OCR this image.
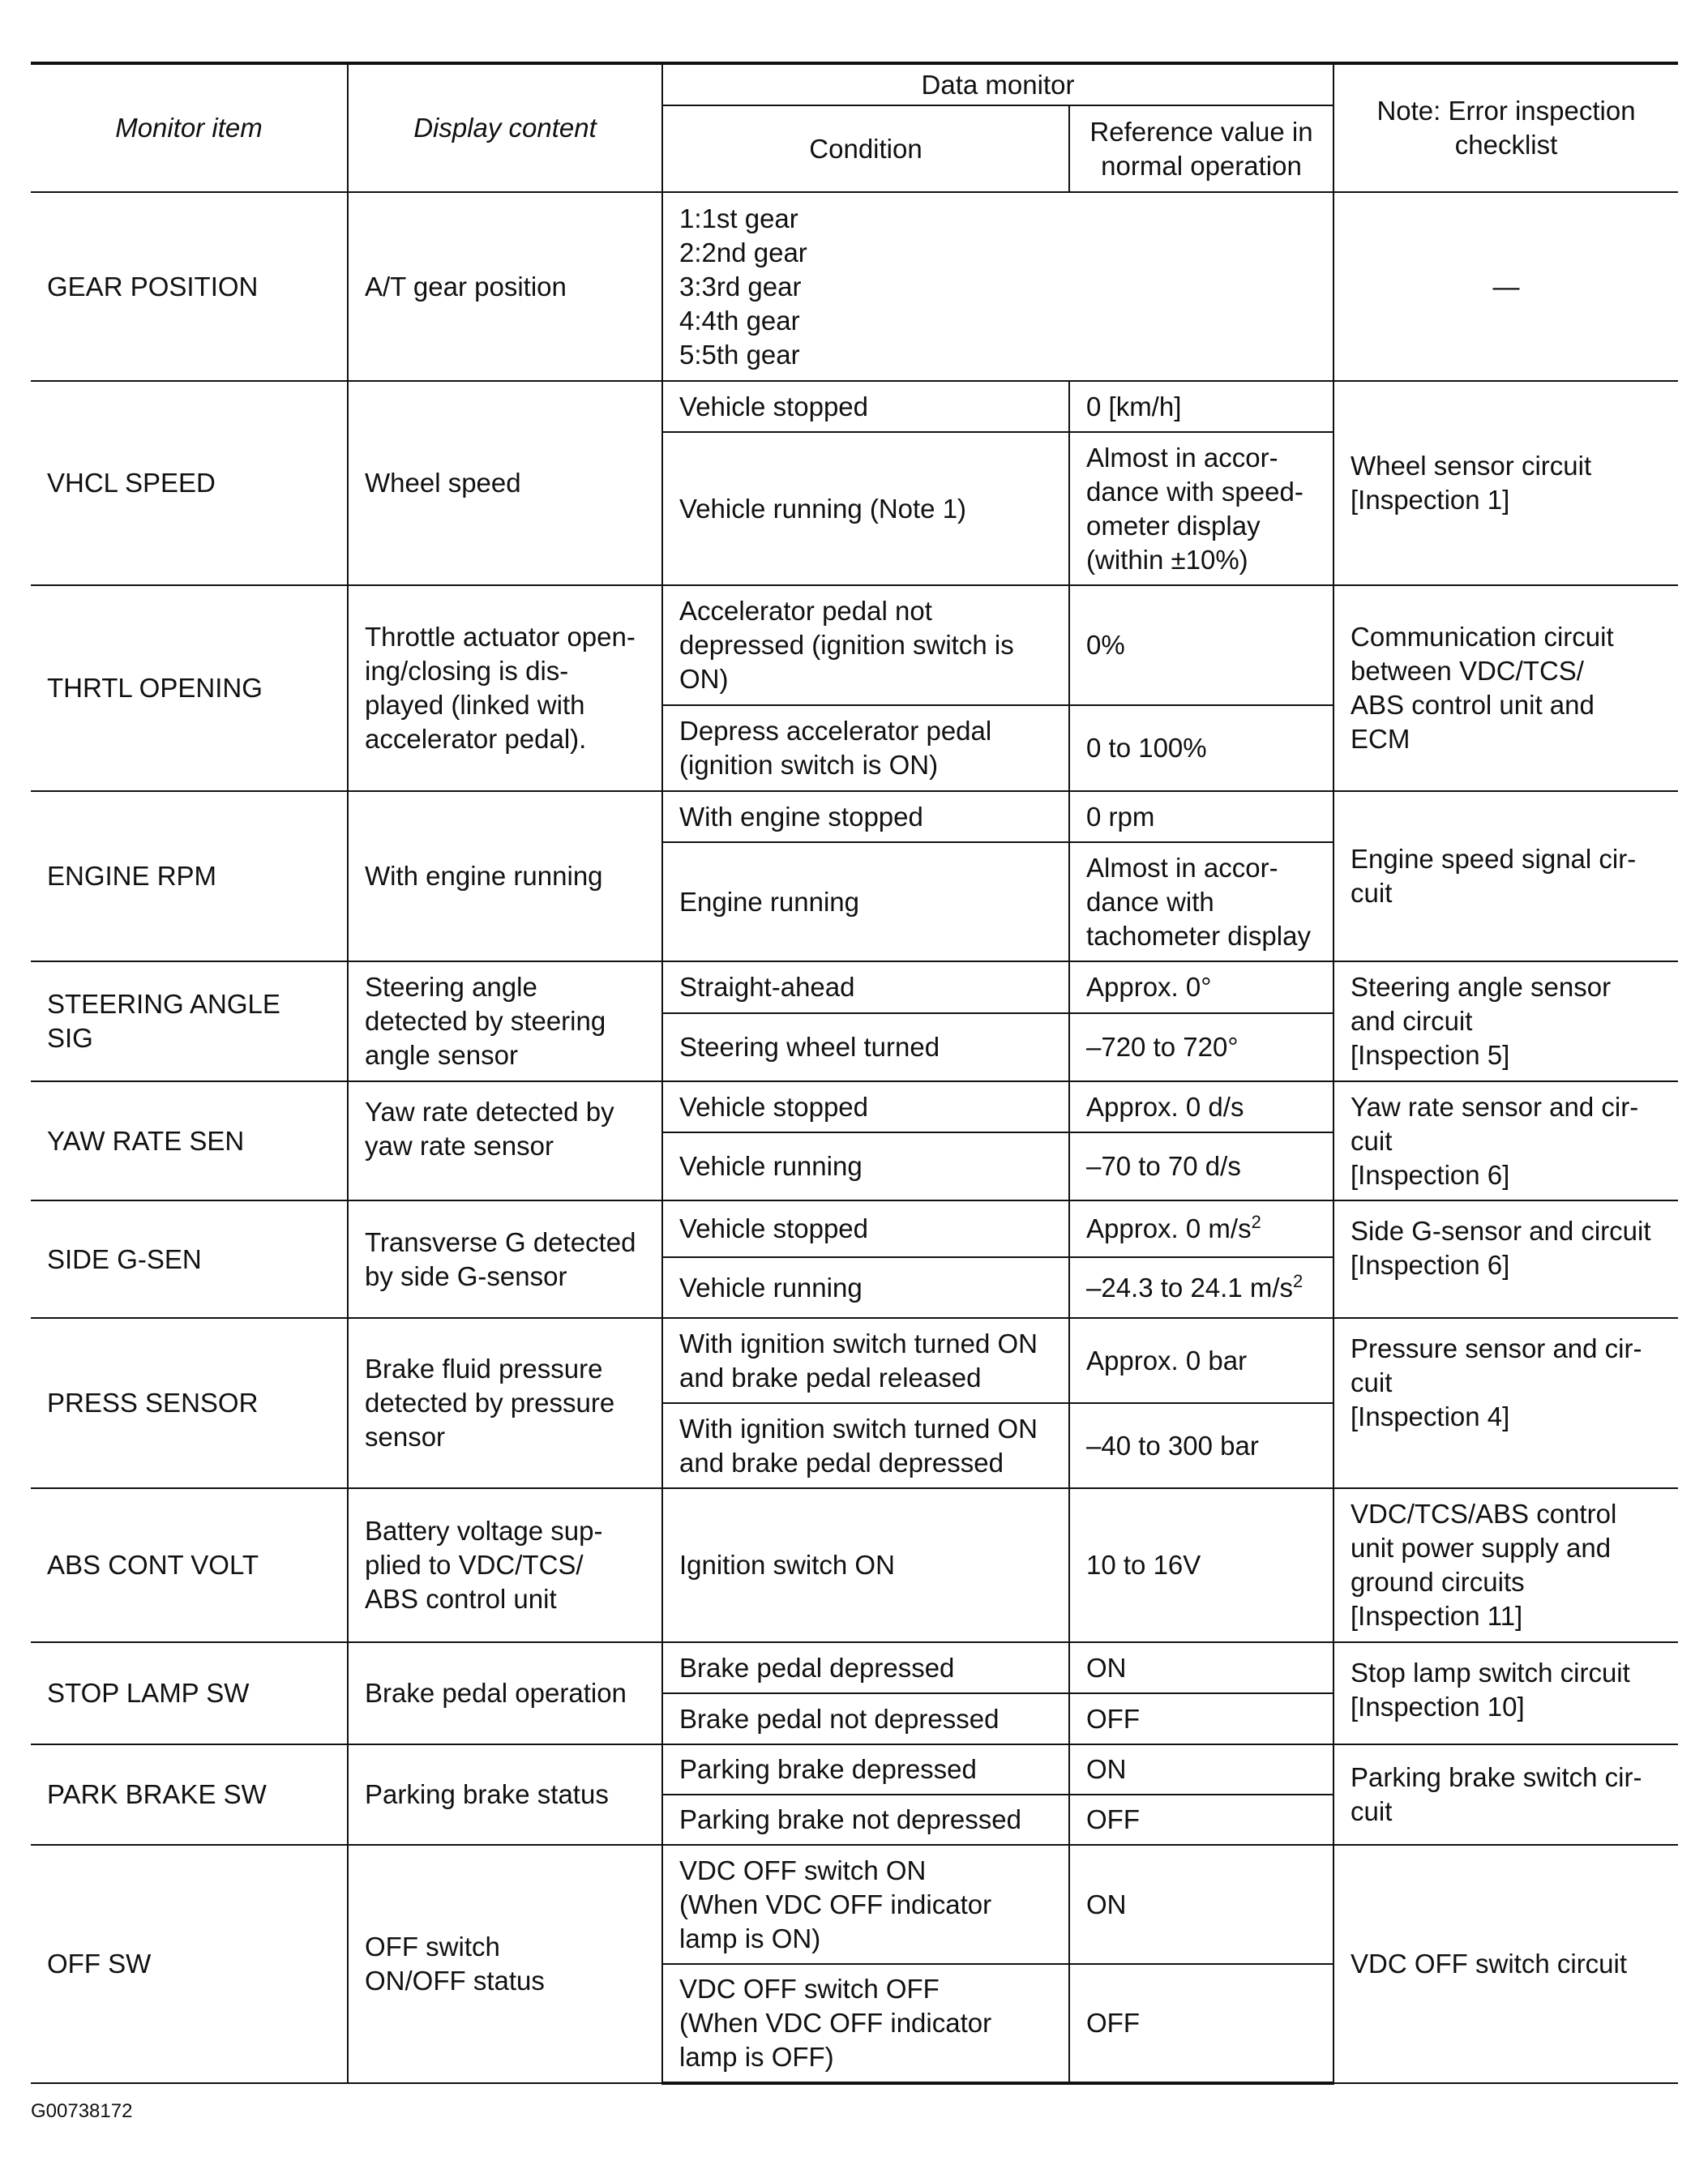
Monitor item	Display content	Data monitor		Note: Error inspection
checklist
		Condition	Reference value in
normal operation	
GEAR POSITION	A/T gear position	1:1st gear
2:2nd gear
3:3rd gear
4:4th gear
5:5th gear		—
VHCL SPEED	Wheel speed	Vehicle stopped	0 [km/h]	Wheel sensor circuit
[Inspection 1]
		Vehicle running (Note 1)	Almost in accor-
dance with speed-
ometer display
(within ±10%)	
THRTL OPENING	Throttle actuator open-
ing/closing is dis-
played (linked with
accelerator pedal).	Accelerator pedal not
depressed (ignition switch is
ON)	0%	Communication circuit
between VDC/TCS/
ABS control unit and
ECM
		Depress accelerator pedal
(ignition switch is ON)	0 to 100%	
ENGINE RPM	With engine running	With engine stopped	0 rpm	Engine speed signal cir-
cuit
		Engine running	Almost in accor-
dance with
tachometer display	
STEERING ANGLE
SIG	Steering angle
detected by steering
angle sensor	Straight-ahead	Approx. 0°	Steering angle sensor
and circuit
[Inspection 5]
		Steering wheel turned	–720 to 720°	
YAW RATE SEN	Yaw rate detected by
yaw rate sensor	Vehicle stopped	Approx. 0 d/s	Yaw rate sensor and cir-
cuit
[Inspection 6]
		Vehicle running	–70 to 70 d/s	
SIDE G-SEN	Transverse G detected
by side G-sensor	Vehicle stopped	Approx. 0 $m/s^2$	Side G-sensor and circuit
[Inspection 6]
		Vehicle running	–24.3 to 24.1 $m/s^2$
PRESS SENSOR	Brake fluid pressure
detected by pressure
sensor	With ignition switch turned ON
and brake pedal released	Approx. 0 bar	Pressure sensor and cir-
cuit
[Inspection 4]
		With ignition switch turned ON
and brake pedal depressed	–40 to 300 bar	
ABS CONT VOLT	Battery voltage sup-
plied to VDC/TCS/
ABS control unit	Ignition switch ON	10 to 16V	VDC/TCS/ABS control
unit power supply and
ground circuits
[Inspection 11]
STOP LAMP SW	Brake pedal operation	Brake pedal depressed	ON	Stop lamp switch circuit
[Inspection 10]
		Brake pedal not depressed	OFF	
PARK BRAKE SW	Parking brake status	Parking brake depressed	ON	Parking brake switch cir-
cuit
		Parking brake not depressed	OFF	
OFF SW	OFF switch
ON/OFF status	VDC OFF switch ON
(When VDC OFF indicator
lamp is ON)	ON	VDC OFF switch circuit
		VDC OFF switch OFF
(When VDC OFF indicator
lamp is OFF)	OFF	
G00738172
